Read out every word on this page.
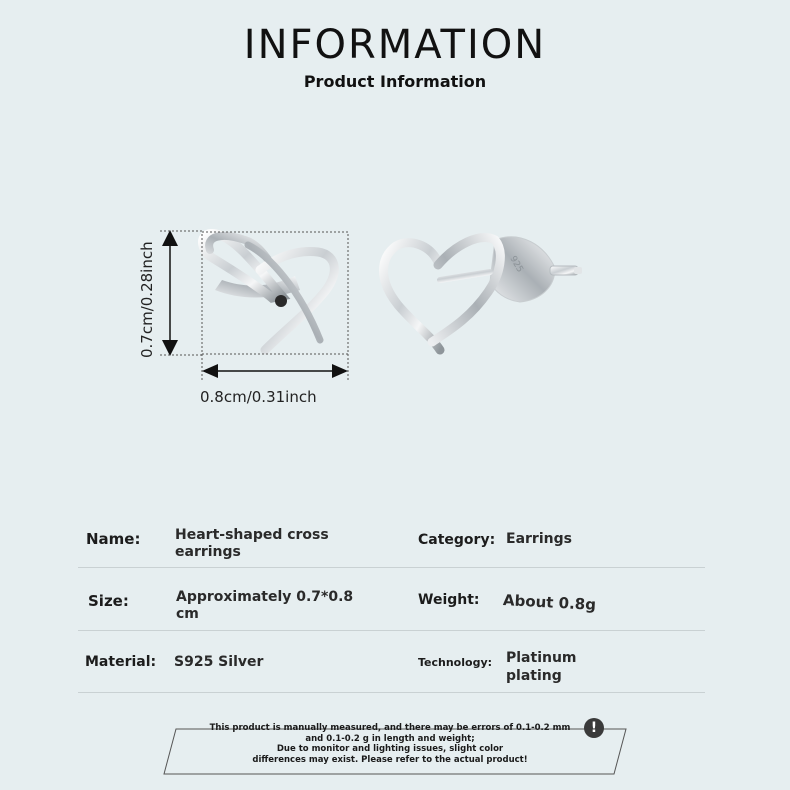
INFORMATION
Product Information
925
0.7cm/0.28inch
0.8cm/0.31inch
Name: Heart-shaped cross
earrings
Category: Earrings
Size:	Approximately 0.7*0.8
cm
Weight: About 0.8g
Material: S925 Silver	Technology: Platinum
plating
This product is manually measured, and there may be errors of 0.1-0.2 mm
and 0.1-0.2 g in length and weight;
Due to monitor and lighting issues, slight color
differences may exist. Please refer to the actual product!
!
